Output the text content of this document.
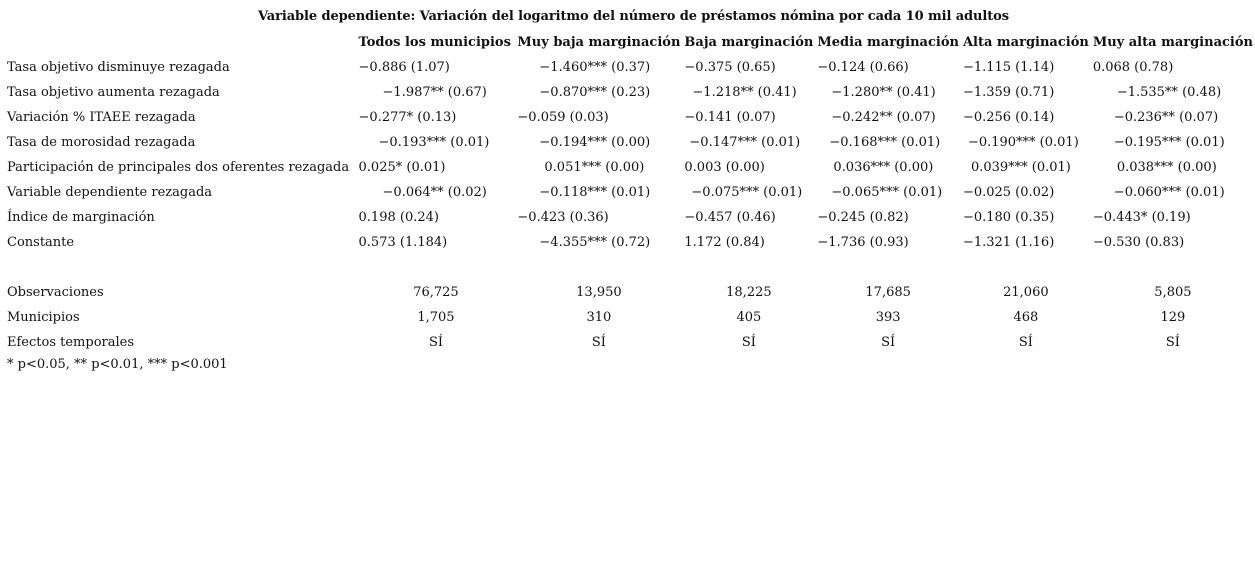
Variable dependiente: Variación del logaritmo del número de préstamos nómina por cada 10 mil adultos
	Todos los municipios	Muy baja marginación	Baja marginación	Media marginación	Alta marginación	Muy alta marginación
Tasa objetivo disminuye rezagada	−0.886 (1.07)	−1.460*** (0.37)	−0.375 (0.65)	−0.124 (0.66)	−1.115 (1.14)	0.068 (0.78)
Tasa objetivo aumenta rezagada	−1.987** (0.67)	−0.870*** (0.23)	−1.218** (0.41)	−1.280** (0.41)	−1.359 (0.71)	−1.535** (0.48)
Variación % ITAEE rezagada	−0.277* (0.13)	−0.059 (0.03)	−0.141 (0.07)	−0.242** (0.07)	−0.256 (0.14)	−0.236** (0.07)
Tasa de morosidad rezagada	−0.193*** (0.01)	−0.194*** (0.00)	−0.147*** (0.01)	−0.168*** (0.01)	−0.190*** (0.01)	−0.195*** (0.01)
Participación de principales dos oferentes rezagada	0.025* (0.01)	0.051*** (0.00)	0.003 (0.00)	0.036*** (0.00)	0.039*** (0.01)	0.038*** (0.00)
Variable dependiente rezagada	−0.064** (0.02)	−0.118*** (0.01)	−0.075*** (0.01)	−0.065*** (0.01)	−0.025 (0.02)	−0.060*** (0.01)
Índice de marginación	0.198 (0.24)	−0.423 (0.36)	−0.457 (0.46)	−0.245 (0.82)	−0.180 (0.35)	−0.443* (0.19)
Constante	0.573 (1.184)	−4.355*** (0.72)	1.172 (0.84)	−1.736 (0.93)	−1.321 (1.16)	−0.530 (0.83)

Observaciones	76,725	13,950	18,225	17,685	21,060	5,805
Municipios	1,705	310	405	393	468	129
Efectos temporales	SÍ	SÍ	SÍ	SÍ	SÍ	SÍ
* p<0.05, ** p<0.01, *** p<0.001
